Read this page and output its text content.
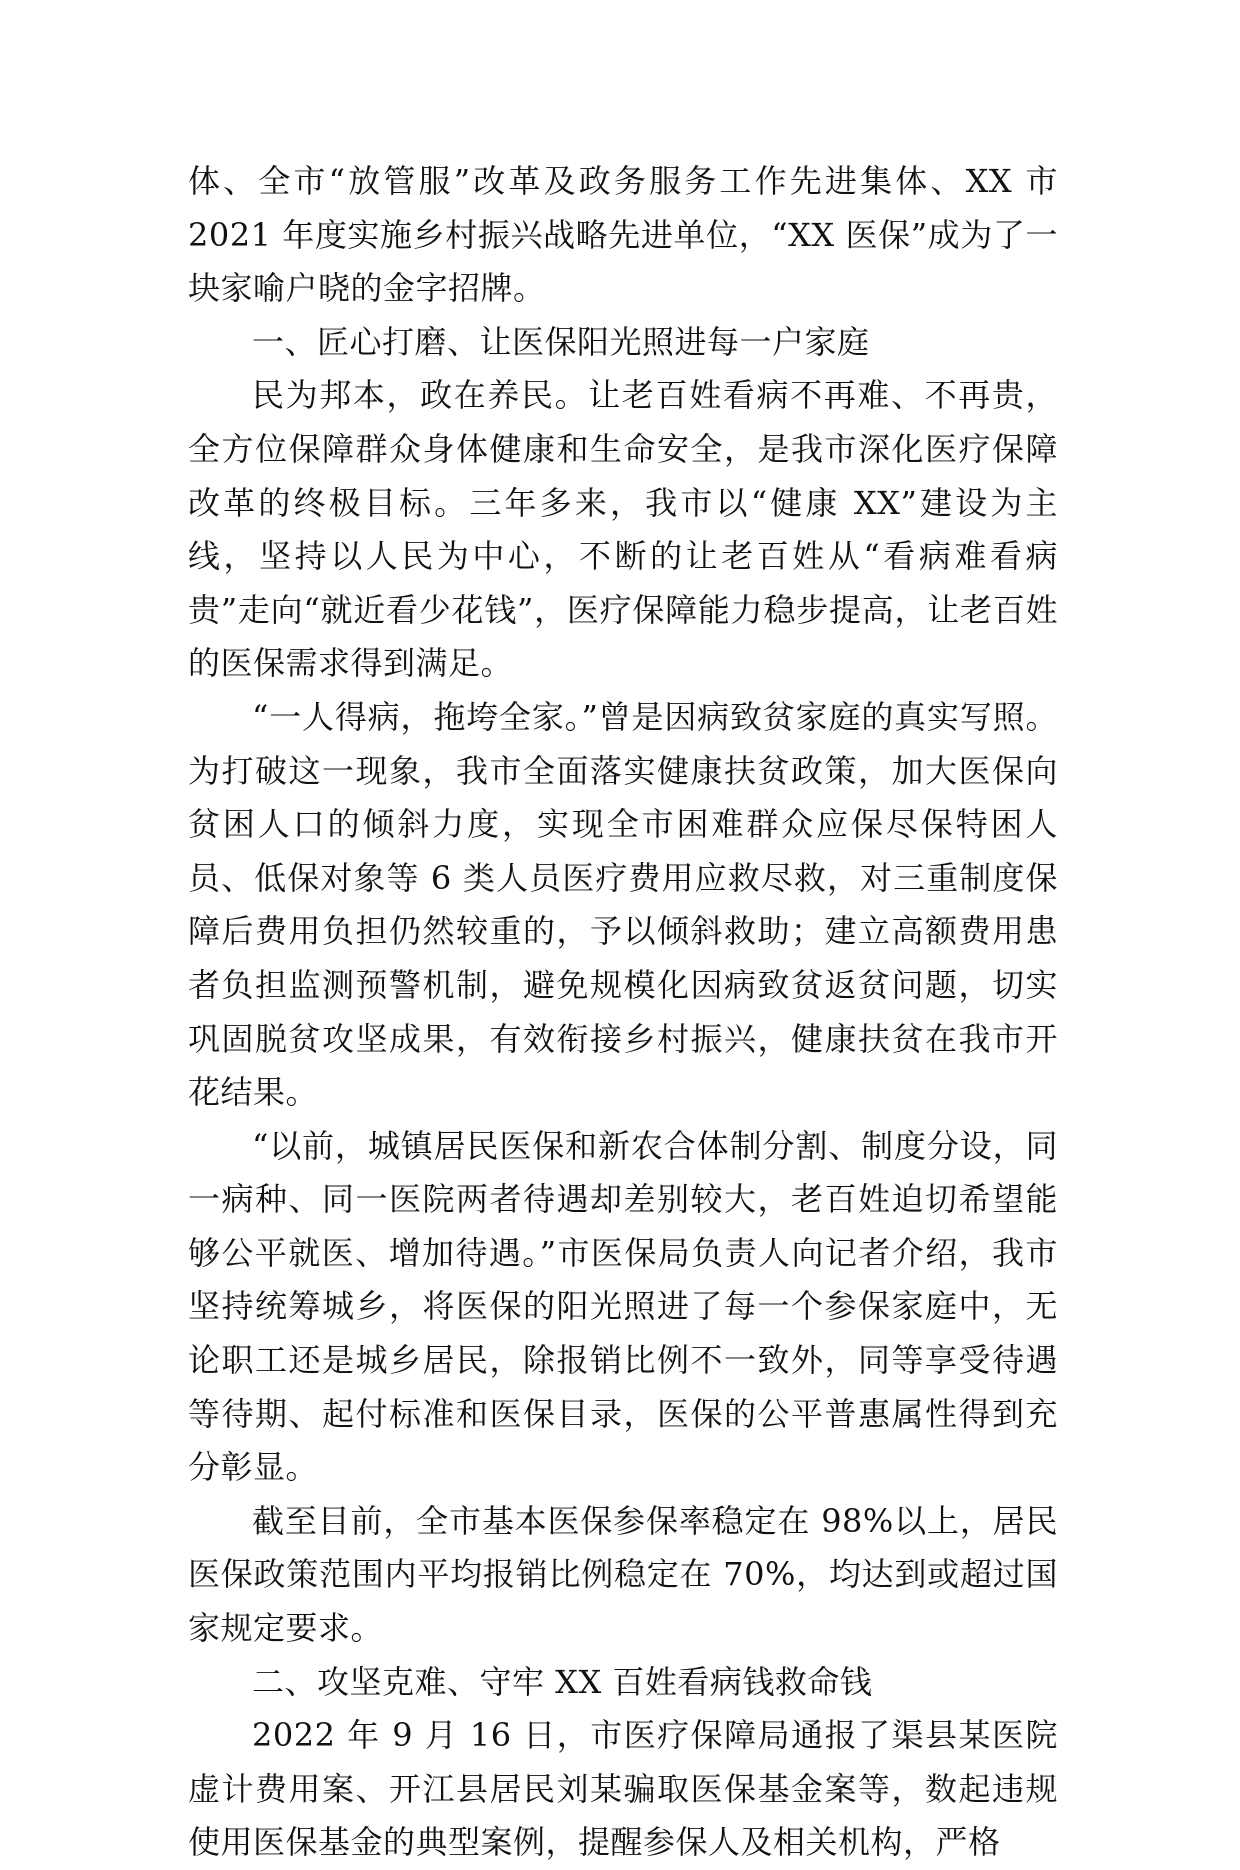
体、全市“放管服”改革及政务服务工作先进集体、XX 市 2021 年度实施乡村振兴战略先进单位，“XX 医保”成为了一块家喻户晓的金字招牌。

一、匠心打磨、让医保阳光照进每一户家庭

民为邦本，政在养民。让老百姓看病不再难、不再贵，全方位保障群众身体健康和生命安全，是我市深化医疗保障改革的终极目标。三年多来，我市以“健康 XX”建设为主线，坚持以人民为中心，不断的让老百姓从“看病难看病贵”走向“就近看少花钱”，医疗保障能力稳步提高，让老百姓的医保需求得到满足。

“一人得病，拖垮全家。”曾是因病致贫家庭的真实写照。为打破这一现象，我市全面落实健康扶贫政策，加大医保向贫困人口的倾斜力度，实现全市困难群众应保尽保特困人员、低保对象等 6 类人员医疗费用应救尽救，对三重制度保障后费用负担仍然较重的，予以倾斜救助；建立高额费用患者负担监测预警机制，避免规模化因病致贫返贫问题，切实巩固脱贫攻坚成果，有效衔接乡村振兴，健康扶贫在我市开花结果。

“以前，城镇居民医保和新农合体制分割、制度分设，同一病种、同一医院两者待遇却差别较大，老百姓迫切希望能够公平就医、增加待遇。”市医保局负责人向记者介绍，我市坚持统筹城乡，将医保的阳光照进了每一个参保家庭中，无论职工还是城乡居民，除报销比例不一致外，同等享受待遇等待期、起付标准和医保目录，医保的公平普惠属性得到充分彰显。

截至目前，全市基本医保参保率稳定在 98%以上，居民医保政策范围内平均报销比例稳定在 70%，均达到或超过国家规定要求。

二、攻坚克难、守牢 XX 百姓看病钱救命钱

2022 年 9 月 16 日，市医疗保障局通报了渠县某医院虚计费用案、开江县居民刘某骗取医保基金案等，数起违规使用医保基金的典型案例，提醒参保人及相关机构，严格
